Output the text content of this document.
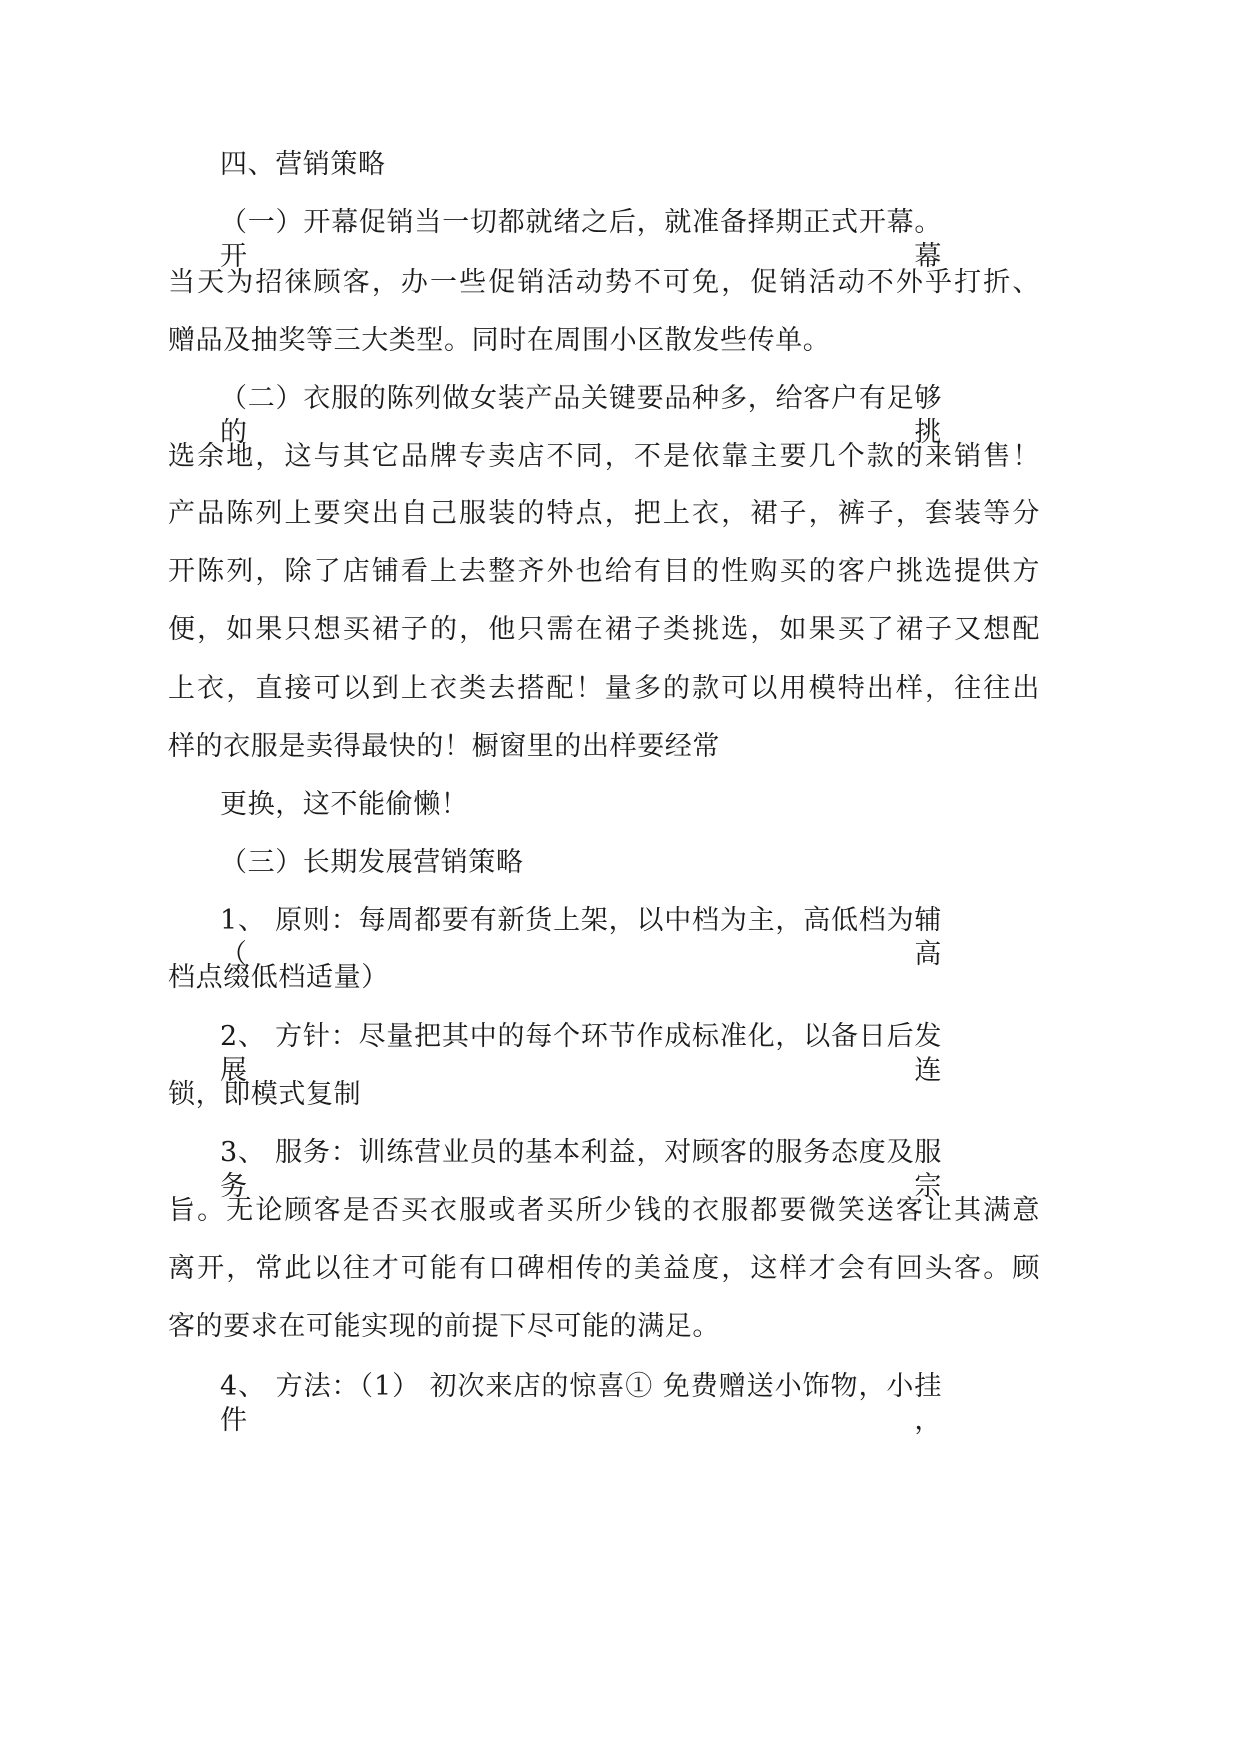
四、营销策略
（一）开幕促销当一切都就绪之后，就准备择期正式开幕。开幕
当天为招徕顾客，办一些促销活动势不可免，促销活动不外乎打折、
赠品及抽奖等三大类型。同时在周围小区散发些传单。
（二）衣服的陈列做女装产品关键要品种多，给客户有足够的挑
选余地，这与其它品牌专卖店不同，不是依靠主要几个款的来销售！
产品陈列上要突出自己服装的特点，把上衣，裙子，裤子，套装等分
开陈列，除了店铺看上去整齐外也给有目的性购买的客户挑选提供方
便，如果只想买裙子的，他只需在裙子类挑选，如果买了裙子又想配
上衣，直接可以到上衣类去搭配！量多的款可以用模特出样，往往出
样的衣服是卖得最快的！橱窗里的出样要经常
更换，这不能偷懒！
（三）长期发展营销策略
1、 原则：每周都要有新货上架，以中档为主，高低档为辅（高
档点缀低档适量）
2、 方针：尽量把其中的每个环节作成标准化，以备日后发展连
锁，即模式复制
3、 服务：训练营业员的基本利益，对顾客的服务态度及服务宗
旨。无论顾客是否买衣服或者买所少钱的衣服都要微笑送客让其满意
离开，常此以往才可能有口碑相传的美益度，这样才会有回头客。顾
客的要求在可能实现的前提下尽可能的满足。
4、 方法：（1） 初次来店的惊喜① 免费赠送小饰物，小挂件，
